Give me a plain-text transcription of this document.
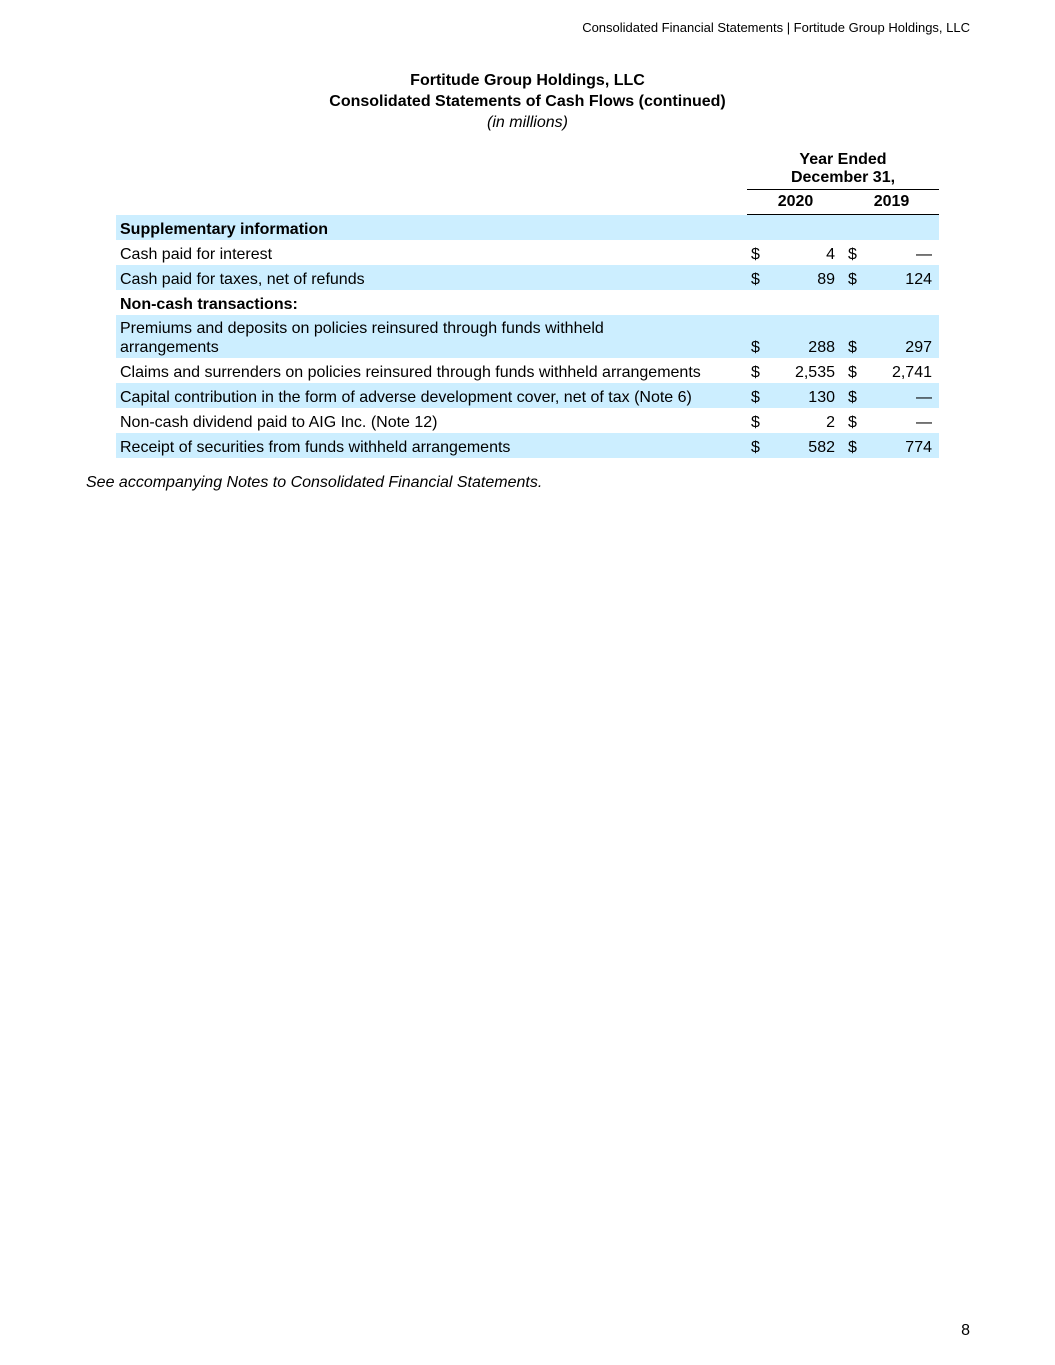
Consolidated Financial Statements | Fortitude Group Holdings, LLC
Fortitude Group Holdings, LLC
Consolidated Statements of Cash Flows (continued)
(in millions)

	Year Ended
December 31,			

	2020		2019	
Supplementary information				
Cash paid for interest	$	4	$	—
Cash paid for taxes, net of refunds	$	89	$	124
Non-cash transactions:				
Premiums and deposits on policies reinsured through funds withheld arrangements	$	288	$	297
Claims and surrenders on policies reinsured through funds withheld arrangements	$	2,535	$	2,741
Capital contribution in the form of adverse development cover, net of tax (Note 6)	$	130	$	—
Non-cash dividend paid to AIG Inc. (Note 12)	$	2	$	—
Receipt of securities from funds withheld arrangements	$	582	$	774
See accompanying Notes to Consolidated Financial Statements.
8
